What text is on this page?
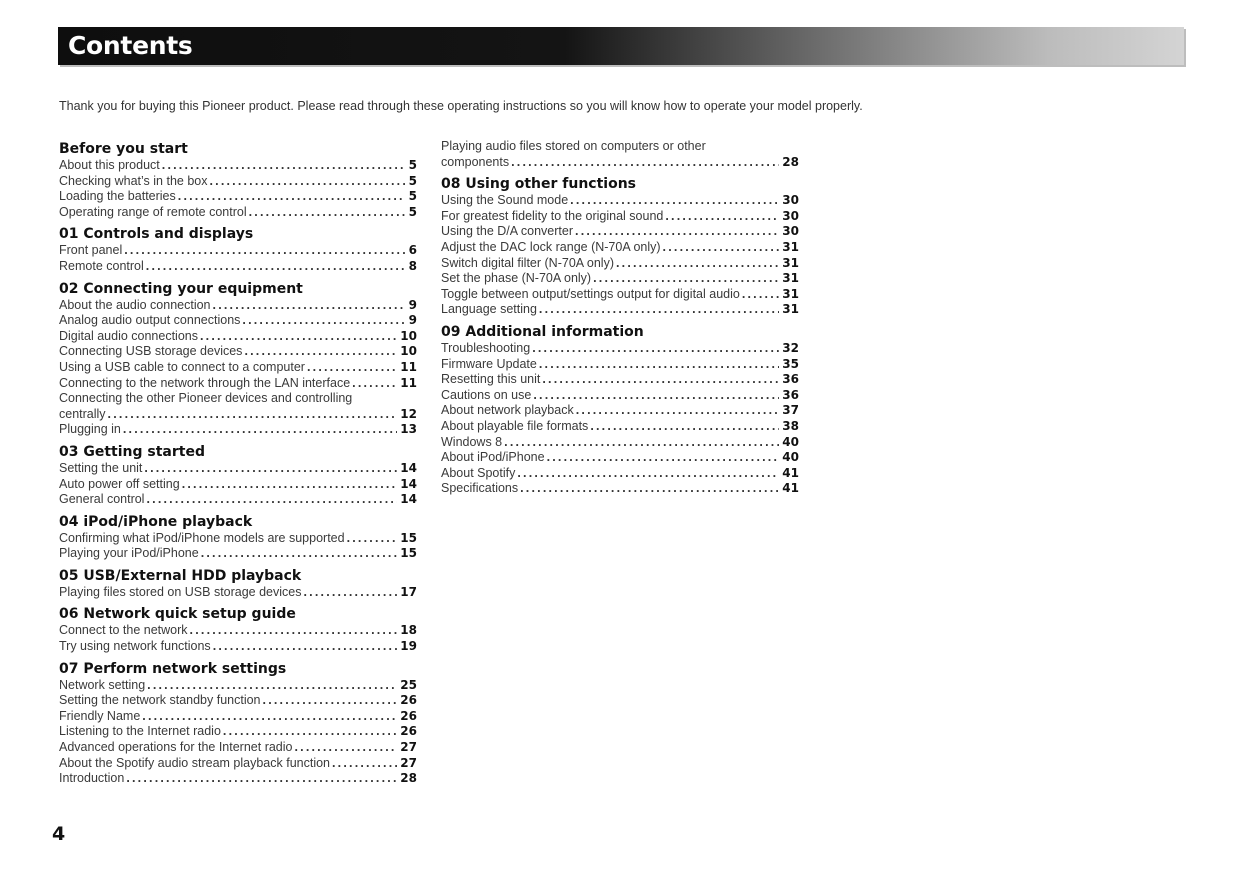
Contents

Thank you for buying this Pioneer product. Please read through these operating instructions so you will know how to operate your model properly.

Before you start
About this product .....	5
Checking what’s in the box .....	5
Loading the batteries .....	5
Operating range of remote control .....	5
01 Controls and displays
Front panel .....	6
Remote control .....	8
02 Connecting your equipment
About the audio connection .....	9
Analog audio output connections .....	9
Digital audio connections .....	10
Connecting USB storage devices .....	10
Using a USB cable to connect to a computer .....	11
Connecting to the network through the LAN interface .....	11
Connecting the other Pioneer devices and controlling
centrally .....	12
Plugging in .....	13
03 Getting started
Setting the unit .....	14
Auto power off setting .....	14
General control .....	14
04 iPod/iPhone playback
Confirming what iPod/iPhone models are supported .....	15
Playing your iPod/iPhone .....	15
05 USB/External HDD playback
Playing files stored on USB storage devices .....	17
06 Network quick setup guide
Connect to the network .....	18
Try using network functions .....	19
07 Perform network settings
Network setting .....	25
Setting the network standby function .....	26
Friendly Name .....	26
Listening to the Internet radio .....	26
Advanced operations for the Internet radio .....	27
About the Spotify audio stream playback function .....	27
Introduction .....	28
Playing audio files stored on computers or other
components .....	28
08 Using other functions
Using the Sound mode .....	30
For greatest fidelity to the original sound .....	30
Using the D/A converter .....	30
Adjust the DAC lock range (N-70A only) .....	31
Switch digital filter (N-70A only) .....	31
Set the phase (N-70A only) .....	31
Toggle between output/settings output for digital audio .....	31
Language setting .....	31
09 Additional information
Troubleshooting .....	32
Firmware Update .....	35
Resetting this unit .....	36
Cautions on use .....	36
About network playback .....	37
About playable file formats .....	38
Windows 8 .....	40
About iPod/iPhone .....	40
About Spotify .....	41
Specifications .....	41

4
